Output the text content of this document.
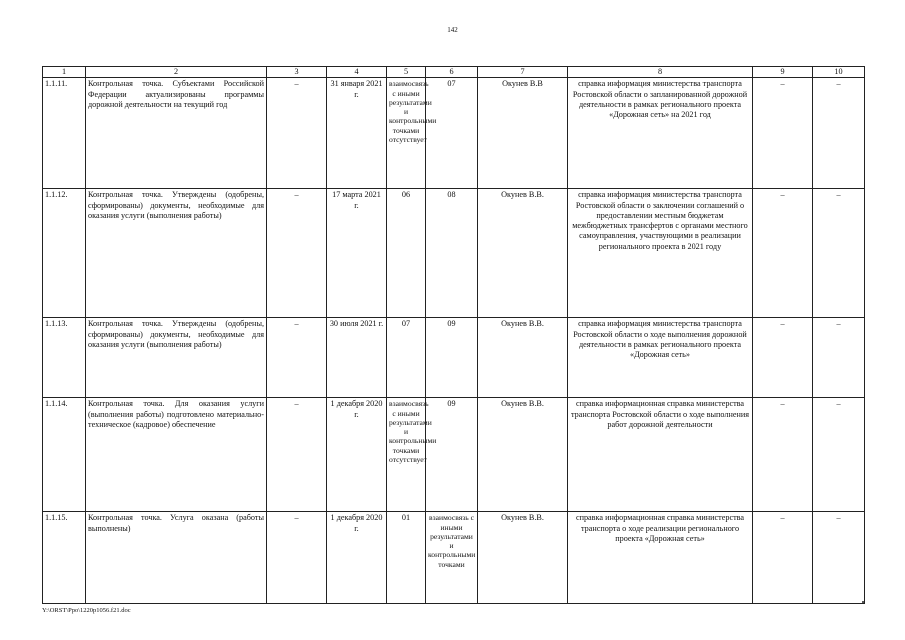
142
1	2	3	4	5	6	7	8	9	10
1.1.11.	Контрольная точка. Субъектами Российской Федерации актуализированы программы дорожной деятельности на текущий год	–	31 января 2021 г.	взаимосвязь с иными результатами и контрольными точками отсутствует	07	Окунев В.В	справка информация министерства транспорта Ростовской области о запланированной дорожной деятельности в рамках регионального проекта «Дорожная сеть» на 2021 год	–	–
1.1.12.	Контрольная точка. Утверждены (одобрены, сформированы) документы, необходимые для оказания услуги (выполнения работы)	–	17 марта 2021 г.	06	08	Окунев В.В.	справка информация министерства транспорта Ростовской области о заключении соглашений о предоставлении местным бюджетам межбюджетных трансфертов с органами местного самоуправления, участвующими в реализации регионального проекта в 2021 году	–	–
1.1.13.	Контрольная точка. Утверждены (одобрены, сформированы) документы, необходимые для оказания услуги (выполнения работы)	–	30 июля 2021 г.	07	09	Окунев В.В.	справка информация министерства транспорта Ростовской области о ходе выполнения дорожной деятельности в рамках регионального проекта «Дорожная сеть»	–	–
1.1.14.	Контрольная точка. Для оказания услуги (выполнения работы) подготовлено материально-техническое (кадровое) обеспечение	–	1 декабря 2020 г.	взаимосвязь с иными результатами и контрольными точками отсутствует	09	Окунев В.В.	справка информационная справка министерства транспорта Ростовской области о ходе выполнения работ дорожной деятельности	–	–
1.1.15.	Контрольная точка. Услуга оказана (работы выполнены)	–	1 декабря 2020 г.	01	взаимосвязь с иными результатами и контрольными точками	Окунев В.В.	справка информационная справка министерства транспорта о ходе реализации регионального проекта «Дорожная сеть»	–	–
Y:\ORST\Ppo\1220p1056.f21.doc
